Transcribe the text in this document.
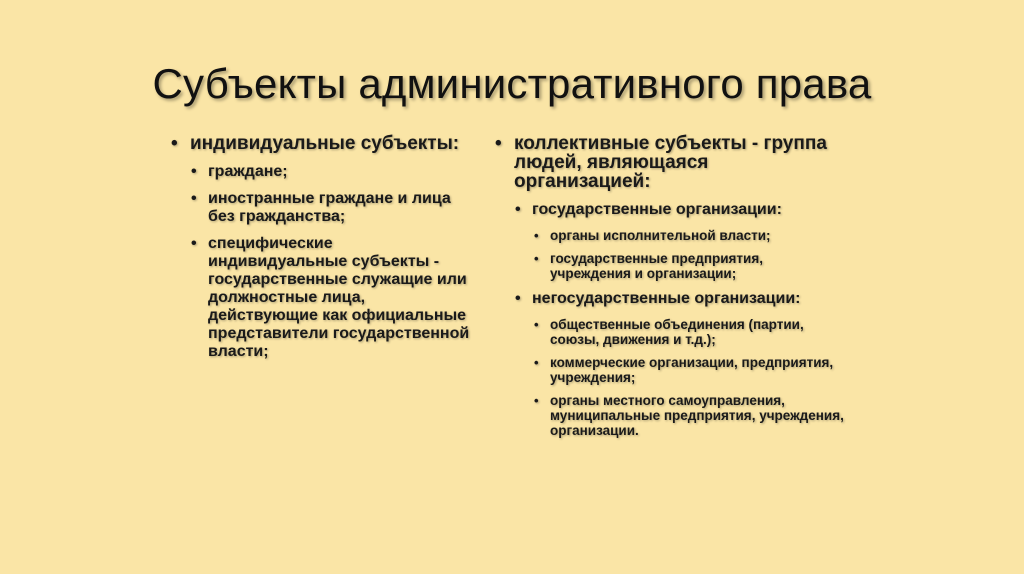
Субъекты административного права
• индивидуальные субъекты:
• граждане;
• иностранные граждане и лица без гражданства;
• специфические индивидуальные субъекты - государственные служащие или должностные лица, действующие как официальные представители государственной власти;
• коллективные субъекты - группа людей, являющаяся организацией:
• государственные организации:
• органы исполнительной власти;
• государственные предприятия, учреждения и организации;
• негосударственные организации:
• общественные объединения (партии, союзы, движения и т.д.);
• коммерческие организации, предприятия, учреждения;
• органы местного самоуправления, муниципальные предприятия, учреждения, организации.
